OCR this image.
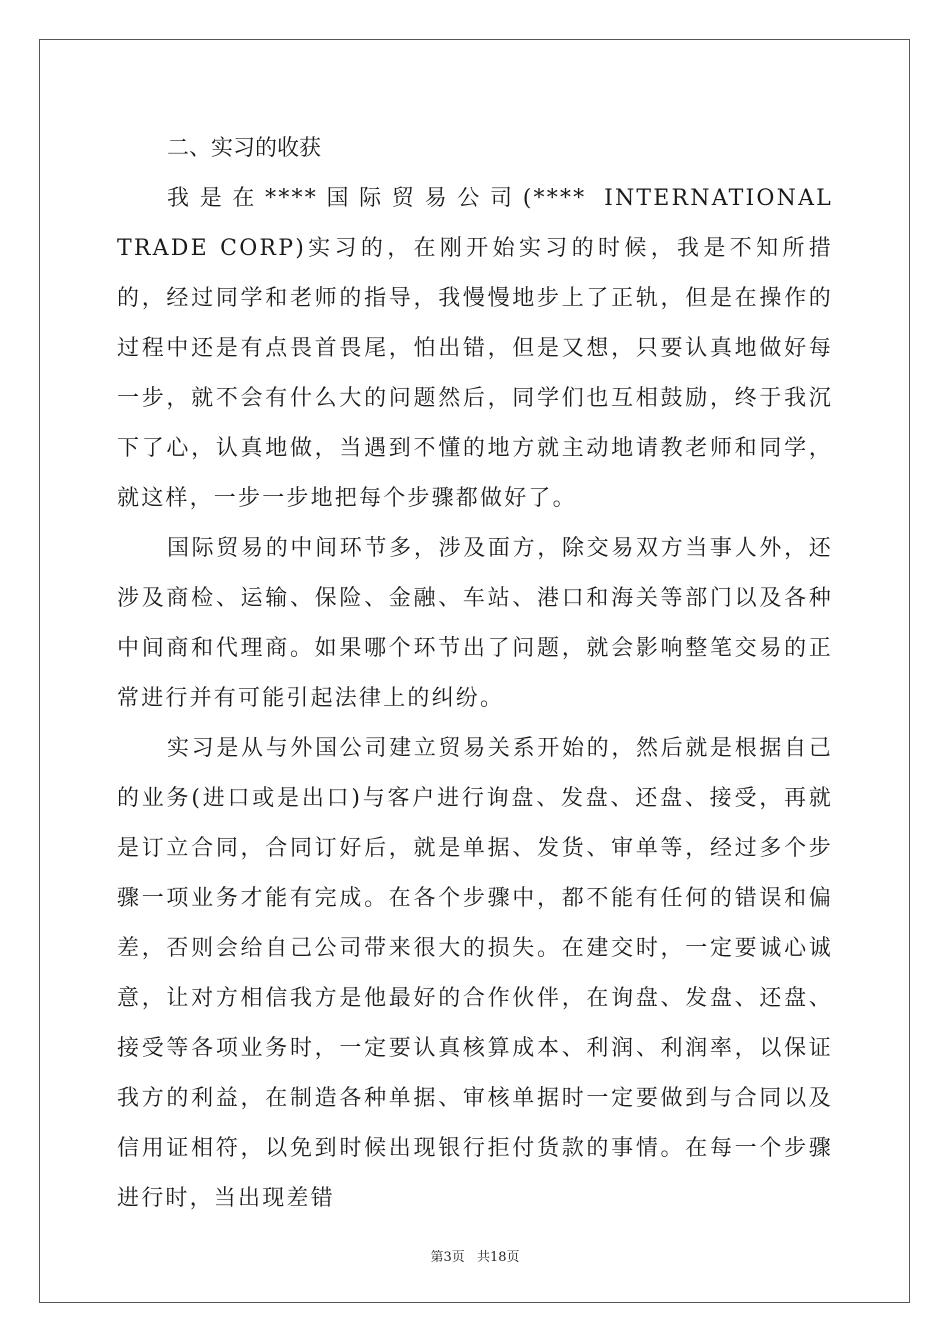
二、实习的收获

我是在****国际贸易公司(**** INTERNATIONAL TRADE CORP)实习的，在刚开始实习的时候，我是不知所措的，经过同学和老师的指导，我慢慢地步上了正轨，但是在操作的过程中还是有点畏首畏尾，怕出错，但是又想，只要认真地做好每一步，就不会有什么大的问题然后，同学们也互相鼓励，终于我沉下了心，认真地做，当遇到不懂的地方就主动地请教老师和同学，就这样，一步一步地把每个步骤都做好了。

国际贸易的中间环节多，涉及面方，除交易双方当事人外，还涉及商检、运输、保险、金融、车站、港口和海关等部门以及各种中间商和代理商。如果哪个环节出了问题，就会影响整笔交易的正常进行并有可能引起法律上的纠纷。

实习是从与外国公司建立贸易关系开始的，然后就是根据自己的业务(进口或是出口)与客户进行询盘、发盘、还盘、接受，再就是订立合同，合同订好后，就是单据、发货、审单等，经过多个步骤一项业务才能有完成。在各个步骤中，都不能有任何的错误和偏差，否则会给自己公司带来很大的损失。在建交时，一定要诚心诚意，让对方相信我方是他最好的合作伙伴，在询盘、发盘、还盘、接受等各项业务时，一定要认真核算成本、利润、利润率，以保证我方的利益，在制造各种单据、审核单据时一定要做到与合同以及信用证相符，以免到时候出现银行拒付货款的事情。在每一个步骤进行时，当出现差错

第3页 共18页
